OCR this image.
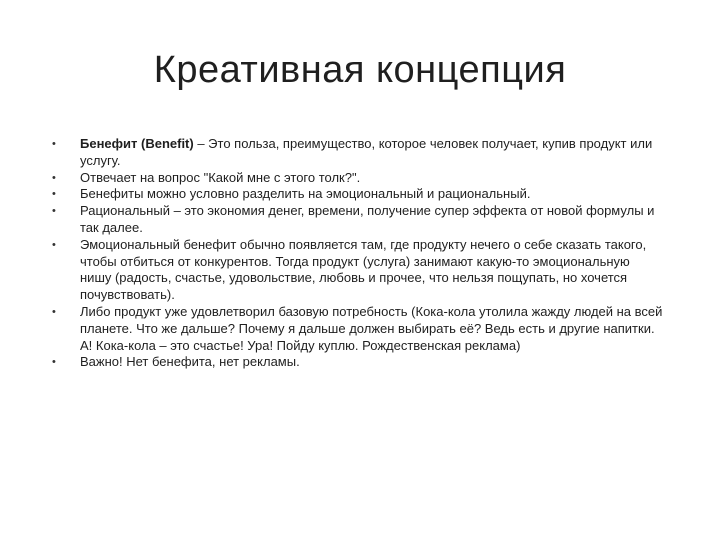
Креативная концепция
•	Бенефит (Benefit) – Это польза, преимущество, которое человек получает, купив продукт или услугу.
•	Отвечает на вопрос "Какой мне с этого толк?".
•	Бенефиты можно условно разделить на эмоциональный и рациональный.
•	Рациональный – это экономия денег, времени, получение супер эффекта от новой формулы и так далее.
•	Эмоциональный бенефит обычно появляется там, где продукту нечего о себе сказать такого, чтобы отбиться от конкурентов. Тогда продукт (услуга) занимают какую-то эмоциональную нишу (радость, счастье, удовольствие, любовь и прочее, что нельзя пощупать, но хочется почувствовать).
•	Либо продукт уже удовлетворил базовую потребность (Кока-кола утолила жажду людей на всей планете. Что же дальше? Почему я дальше должен выбирать её? Ведь есть и другие напитки. А! Кока-кола – это счастье! Ура! Пойду куплю. Рождественская реклама)
•	Важно! Нет бенефита, нет рекламы.
